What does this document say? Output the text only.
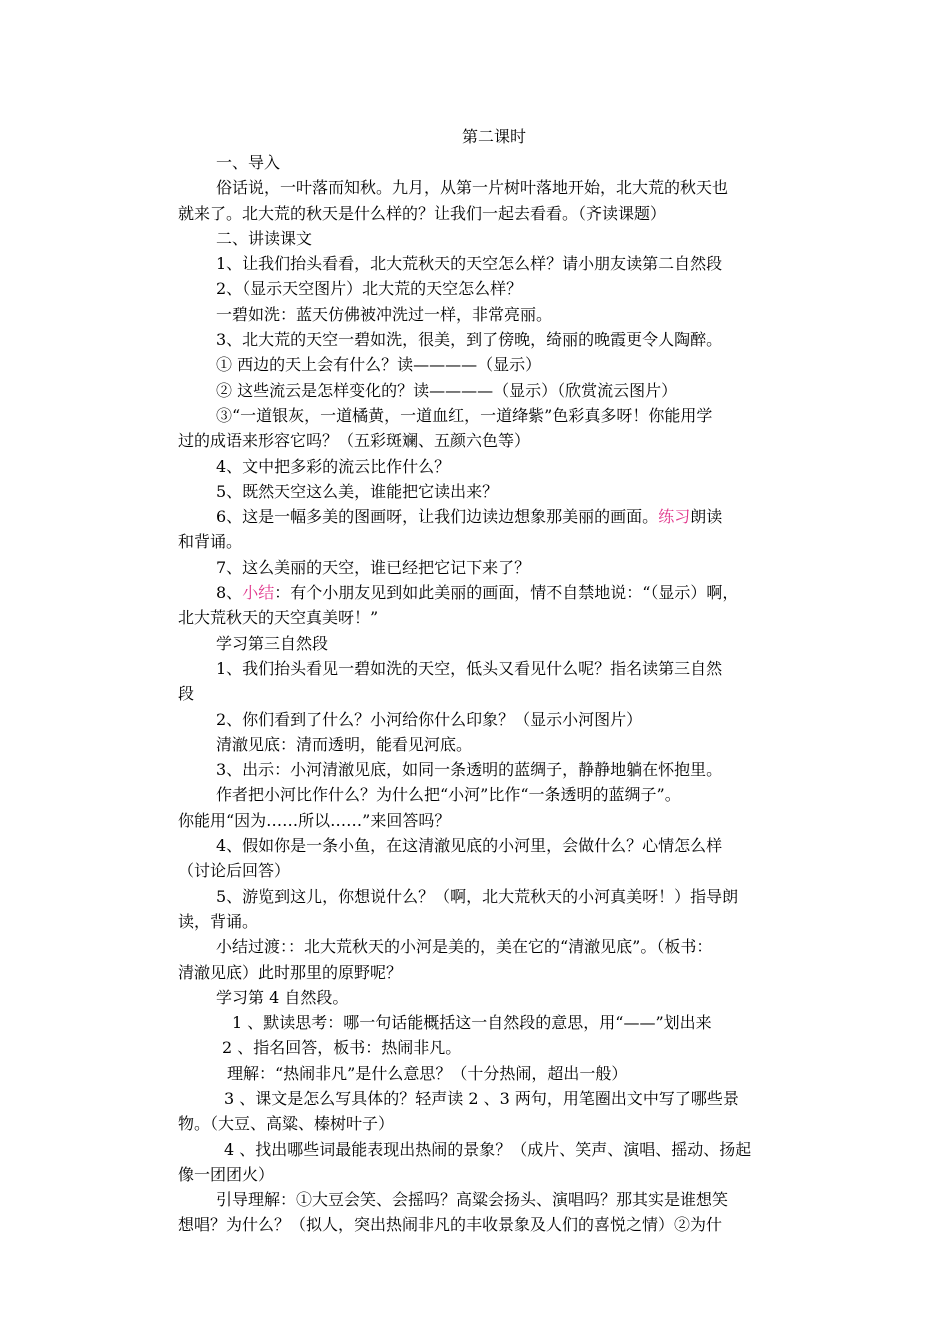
第二课时

一、导入

俗话说，一叶落而知秋。九月，从第一片树叶落地开始，北大荒的秋天也

就来了。北大荒的秋天是什么样的？让我们一起去看看。（齐读课题）

二、讲读课文

1、让我们抬头看看，北大荒秋天的天空怎么样？请小朋友读第二自然段

2、（显示天空图片）北大荒的天空怎么样？

一碧如洗：蓝天仿佛被冲洗过一样，非常亮丽。

3、北大荒的天空一碧如洗，很美，到了傍晚，绮丽的晚霞更令人陶醉。

① 西边的天上会有什么？读————（显示）

② 这些流云是怎样变化的？读————（显示）（欣赏流云图片）

③“一道银灰，一道橘黄，一道血红，一道绛紫”色彩真多呀！你能用学

过的成语来形容它吗？（五彩斑斓、五颜六色等）

4、文中把多彩的流云比作什么？

5、既然天空这么美，谁能把它读出来？

6、这是一幅多美的图画呀，让我们边读边想象那美丽的画面。练习朗读

和背诵。

7、这么美丽的天空，谁已经把它记下来了？

8、小结：有个小朋友见到如此美丽的画面，情不自禁地说：“（显示）啊，

北大荒秋天的天空真美呀！”

学习第三自然段

1、我们抬头看见一碧如洗的天空，低头又看见什么呢？指名读第三自然

段

2、你们看到了什么？小河给你什么印象？（显示小河图片）

清澈见底：清而透明，能看见河底。

3、出示：小河清澈见底，如同一条透明的蓝绸子，静静地躺在怀抱里。

作者把小河比作什么？为什么把“小河”比作“一条透明的蓝绸子”。

你能用“因为……所以……”来回答吗？

4、假如你是一条小鱼，在这清澈见底的小河里，会做什么？心情怎么样

（讨论后回答）

5、游览到这儿，你想说什么？（啊，北大荒秋天的小河真美呀！）指导朗

读，背诵。

小结过渡：：北大荒秋天的小河是美的，美在它的“清澈见底”。（板书：

清澈见底）此时那里的原野呢？

学习第 4 自然段。

1 、默读思考：哪一句话能概括这一自然段的意思，用“——”划出来

2 、指名回答，板书：热闹非凡。

理解：“热闹非凡”是什么意思？（十分热闹，超出一般）

3 、课文是怎么写具体的？轻声读 2 、3 两句，用笔圈出文中写了哪些景

物。（大豆、高粱、榛树叶子）

4 、找出哪些词最能表现出热闹的景象？（成片、笑声、演唱、摇动、扬起

像一团团火）

引导理解：①大豆会笑、会摇吗？高粱会扬头、演唱吗？那其实是谁想笑

想唱？为什么？（拟人，突出热闹非凡的丰收景象及人们的喜悦之情）②为什
